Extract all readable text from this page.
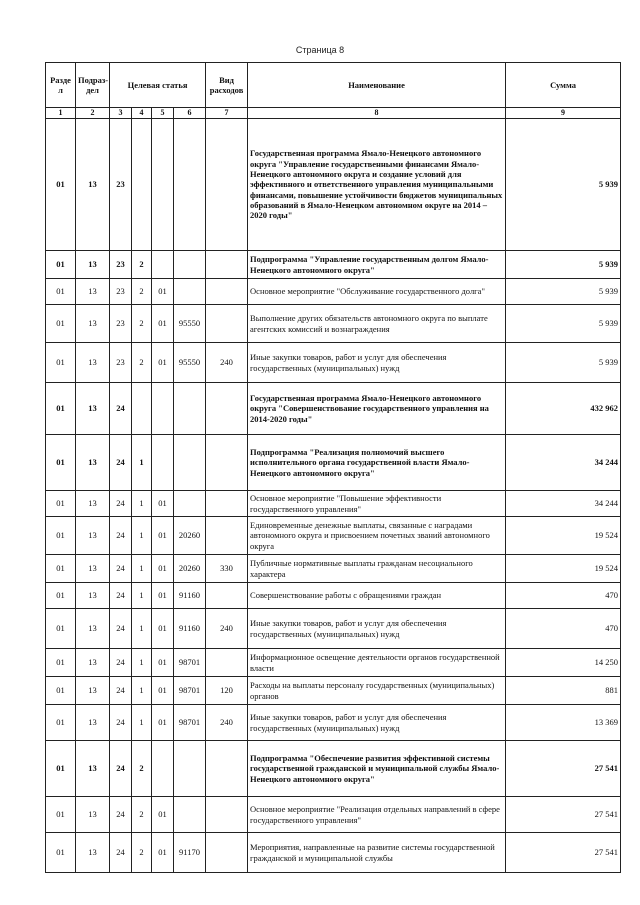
Страница 8
Разде л	Подраз- дел	Целевая статья				Вид расходов	Наименование	Сумма
1	2	3	4	5	6	7	8	9
01	13	23					Государственная программа Ямало-Ненецкого автономного округа "Управление государственными финансами Ямало-Ненецкого автономного округа и создание условий для эффективного и ответственного управления муниципальными финансами, повышение устойчивости бюджетов муниципальных образований в Ямало-Ненецком автономном округе на 2014 – 2020 годы"	5 939
01	13	23	2				Подпрограмма "Управление государственным долгом Ямало-Ненецкого автономного округа"	5 939
01	13	23	2	01			Основное мероприятие "Обслуживание государственного долга"	5 939
01	13	23	2	01	95550		Выполнение других обязательств автономного округа по выплате агентских комиссий и вознаграждения	5 939
01	13	23	2	01	95550	240	Иные закупки товаров, работ и услуг для обеспечения государственных (муниципальных) нужд	5 939
01	13	24					Государственная программа Ямало-Ненецкого автономного округа "Совершенствование государственного управления на 2014-2020 годы"	432 962
01	13	24	1				Подпрограмма "Реализация полномочий высшего исполнительного органа государственной власти Ямало-Ненецкого автономного округа"	34 244
01	13	24	1	01			Основное мероприятие "Повышение эффективности государственного управления"	34 244
01	13	24	1	01	20260		Единовременные денежные выплаты, связанные с наградами автономного округа и присвоением почетных званий автономного округа	19 524
01	13	24	1	01	20260	330	Публичные нормативные выплаты гражданам несоциального характера	19 524
01	13	24	1	01	91160		Совершенствование работы с обращениями граждан	470
01	13	24	1	01	91160	240	Иные закупки товаров, работ и услуг для обеспечения государственных (муниципальных) нужд	470
01	13	24	1	01	98701		Информационное освещение деятельности органов государственной власти	14 250
01	13	24	1	01	98701	120	Расходы на выплаты персоналу государственных (муниципальных) органов	881
01	13	24	1	01	98701	240	Иные закупки товаров, работ и услуг для обеспечения государственных (муниципальных) нужд	13 369
01	13	24	2				Подпрограмма "Обеспечение развития эффективной системы государственной гражданской и муниципальной службы Ямало-Ненецкого автономного округа"	27 541
01	13	24	2	01			Основное мероприятие "Реализация отдельных направлений в сфере государственного управления"	27 541
01	13	24	2	01	91170		Мероприятия, направленные на развитие системы государственной гражданской и муниципальной службы	27 541
